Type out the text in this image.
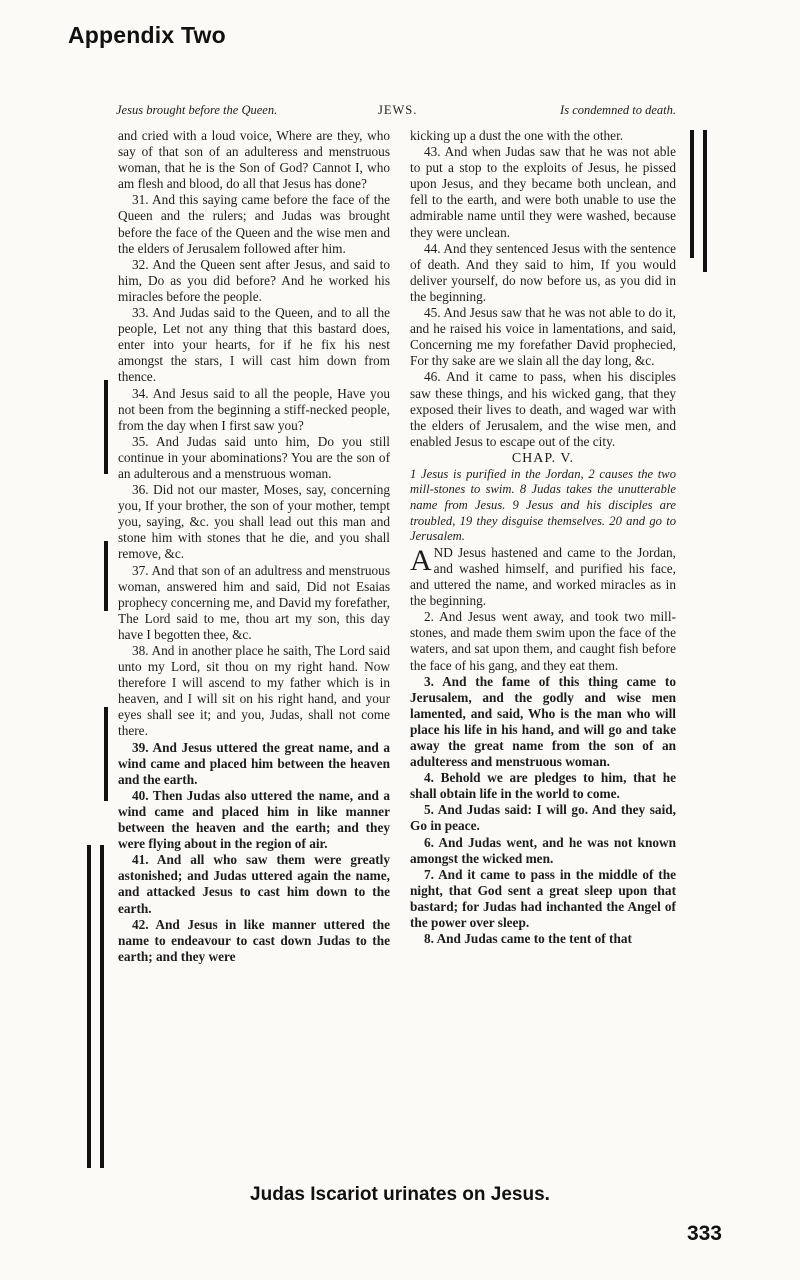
Appendix Two
Jesus brought before the Queen.	JEWS.	Is condemned to death.

and cried with a loud voice, Where are they, who say of that son of an adulteress and menstruous woman, that he is the Son of God? Cannot I, who am flesh and blood, do all that Jesus has done?

31. And this saying came before the face of the Queen and the rulers; and Judas was brought before the face of the Queen and the wise men and the elders of Jerusalem followed after him.

32. And the Queen sent after Jesus, and said to him, Do as you did before? And he worked his miracles before the people.

33. And Judas said to the Queen, and to all the people, Let not any thing that this bastard does, enter into your hearts, for if he fix his nest amongst the stars, I will cast him down from thence.

34. And Jesus said to all the people, Have you not been from the beginning a stiff-necked people, from the day when I first saw you?

35. And Judas said unto him, Do you still continue in your abominations? You are the son of an adulterous and a menstruous woman.

36. Did not our master, Moses, say, concerning you, If your brother, the son of your mother, tempt you, saying, &c. you shall lead out this man and stone him with stones that he die, and you shall remove, &c.

37. And that son of an adultress and menstruous woman, answered him and said, Did not Esaias prophecy concerning me, and David my forefather, The Lord said to me, thou art my son, this day have I begotten thee, &c.

38. And in another place he saith, The Lord said unto my Lord, sit thou on my right hand. Now therefore I will ascend to my father which is in heaven, and I will sit on his right hand, and your eyes shall see it; and you, Judas, shall not come there.

39. And Jesus uttered the great name, and a wind came and placed him between the heaven and the earth.

40. Then Judas also uttered the name, and a wind came and placed him in like manner between the heaven and the earth; and they were flying about in the region of air.

41. And all who saw them were greatly astonished; and Judas uttered again the name, and attacked Jesus to cast him down to the earth.

42. And Jesus in like manner uttered the name to endeavour to cast down Judas to the earth; and they were

kicking up a dust the one with the other.

43. And when Judas saw that he was not able to put a stop to the exploits of Jesus, he pissed upon Jesus, and they became both unclean, and fell to the earth, and were both unable to use the admirable name until they were washed, because they were unclean.

44. And they sentenced Jesus with the sentence of death. And they said to him, If you would deliver yourself, do now before us, as you did in the beginning.

45. And Jesus saw that he was not able to do it, and he raised his voice in lamentations, and said, Concerning me my forefather David prophecied, For thy sake are we slain all the day long, &c.

46. And it came to pass, when his disciples saw these things, and his wicked gang, that they exposed their lives to death, and waged war with the elders of Jerusalem, and the wise men, and enabled Jesus to escape out of the city.

CHAP. V.
1 Jesus is purified in the Jordan, 2 causes the two mill-stones to swim. 8 Judas takes the unutterable name from Jesus. 9 Jesus and his disciples are troubled, 19 they disguise themselves. 20 and go to Jerusalem.

AND Jesus hastened and came to the Jordan, and washed himself, and purified his face, and uttered the name, and worked miracles as in the beginning.

2. And Jesus went away, and took two mill-stones, and made them swim upon the face of the waters, and sat upon them, and caught fish before the face of his gang, and they eat them.

3. And the fame of this thing came to Jerusalem, and the godly and wise men lamented, and said, Who is the man who will place his life in his hand, and will go and take away the great name from the son of an adulteress and menstruous woman.

4. Behold we are pledges to him, that he shall obtain life in the world to come.

5. And Judas said: I will go. And they said, Go in peace.

6. And Judas went, and he was not known amongst the wicked men.

7. And it came to pass in the middle of the night, that God sent a great sleep upon that bastard; for Judas had inchanted the Angel of the power over sleep.

8. And Judas came to the tent of that

Judas Iscariot urinates on Jesus.
333
